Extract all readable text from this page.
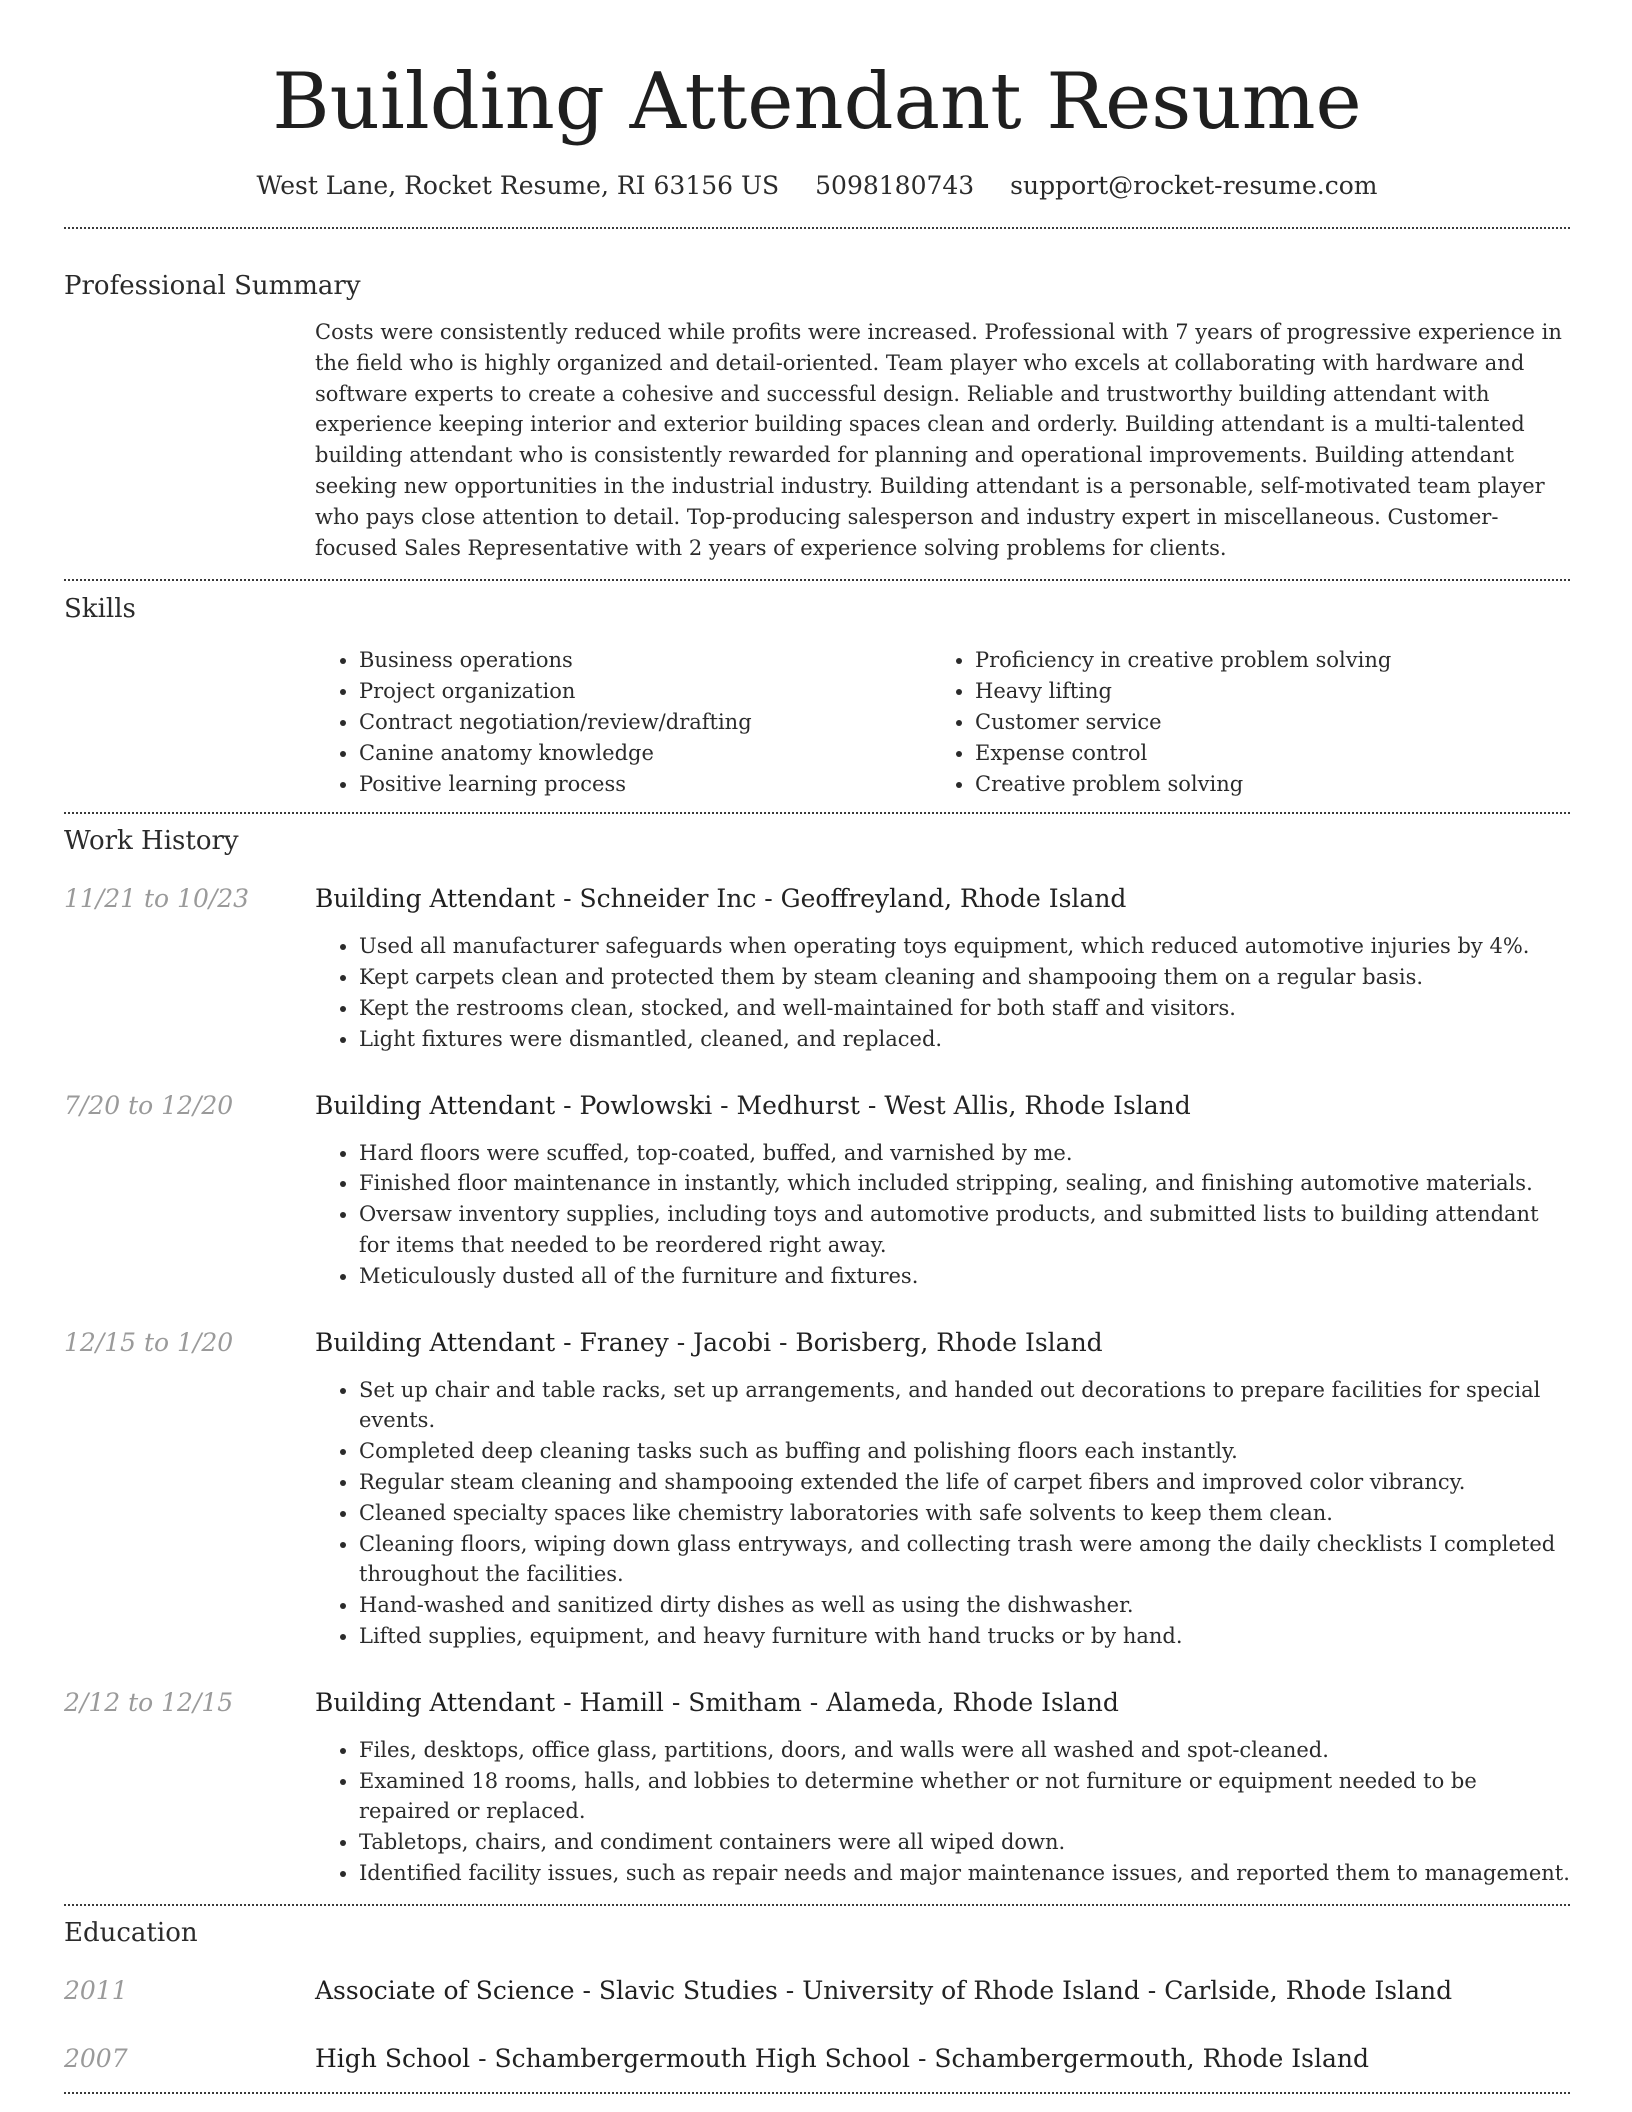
Building Attendant Resume
West Lane, Rocket Resume, RI 63156 US 5098180743 support@rocket-resume.com
Professional Summary

Costs were consistently reduced while profits were increased. Professional with 7 years of progressive experience in the field who is highly organized and detail-oriented. Team player who excels at collaborating with hardware and software experts to create a cohesive and successful design. Reliable and trustworthy building attendant with experience keeping interior and exterior building spaces clean and orderly. Building attendant is a multi-talented building attendant who is consistently rewarded for planning and operational improvements. Building attendant seeking new opportunities in the industrial industry. Building attendant is a personable, self-motivated team player who pays close attention to detail. Top-producing salesperson and industry expert in miscellaneous. Customer-focused Sales Representative with 2 years of experience solving problems for clients.

Skills
• Business operations
• Project organization
• Contract negotiation/review/drafting
• Canine anatomy knowledge
• Positive learning process
• Proficiency in creative problem solving
• Heavy lifting
• Customer service
• Expense control
• Creative problem solving
Work History
11/21 to 10/23	Building Attendant - Schneider Inc - Geoffreyland, Rhode Island
• Used all manufacturer safeguards when operating toys equipment, which reduced automotive injuries by 4%.
• Kept carpets clean and protected them by steam cleaning and shampooing them on a regular basis.
• Kept the restrooms clean, stocked, and well-maintained for both staff and visitors.
• Light fixtures were dismantled, cleaned, and replaced.
7/20 to 12/20	Building Attendant - Powlowski - Medhurst - West Allis, Rhode Island
• Hard floors were scuffed, top-coated, buffed, and varnished by me.
• Finished floor maintenance in instantly, which included stripping, sealing, and finishing automotive materials.
• Oversaw inventory supplies, including toys and automotive products, and submitted lists to building attendant for items that needed to be reordered right away.
• Meticulously dusted all of the furniture and fixtures.
12/15 to 1/20	Building Attendant - Franey - Jacobi - Borisberg, Rhode Island
• Set up chair and table racks, set up arrangements, and handed out decorations to prepare facilities for special events.
• Completed deep cleaning tasks such as buffing and polishing floors each instantly.
• Regular steam cleaning and shampooing extended the life of carpet fibers and improved color vibrancy.
• Cleaned specialty spaces like chemistry laboratories with safe solvents to keep them clean.
• Cleaning floors, wiping down glass entryways, and collecting trash were among the daily checklists I completed throughout the facilities.
• Hand-washed and sanitized dirty dishes as well as using the dishwasher.
• Lifted supplies, equipment, and heavy furniture with hand trucks or by hand.
2/12 to 12/15	Building Attendant - Hamill - Smitham - Alameda, Rhode Island
• Files, desktops, office glass, partitions, doors, and walls were all washed and spot-cleaned.
• Examined 18 rooms, halls, and lobbies to determine whether or not furniture or equipment needed to be repaired or replaced.
• Tabletops, chairs, and condiment containers were all wiped down.
• Identified facility issues, such as repair needs and major maintenance issues, and reported them to management.
Education
2011	Associate of Science - Slavic Studies - University of Rhode Island - Carlside, Rhode Island
2007	High School - Schambergermouth High School - Schambergermouth, Rhode Island
